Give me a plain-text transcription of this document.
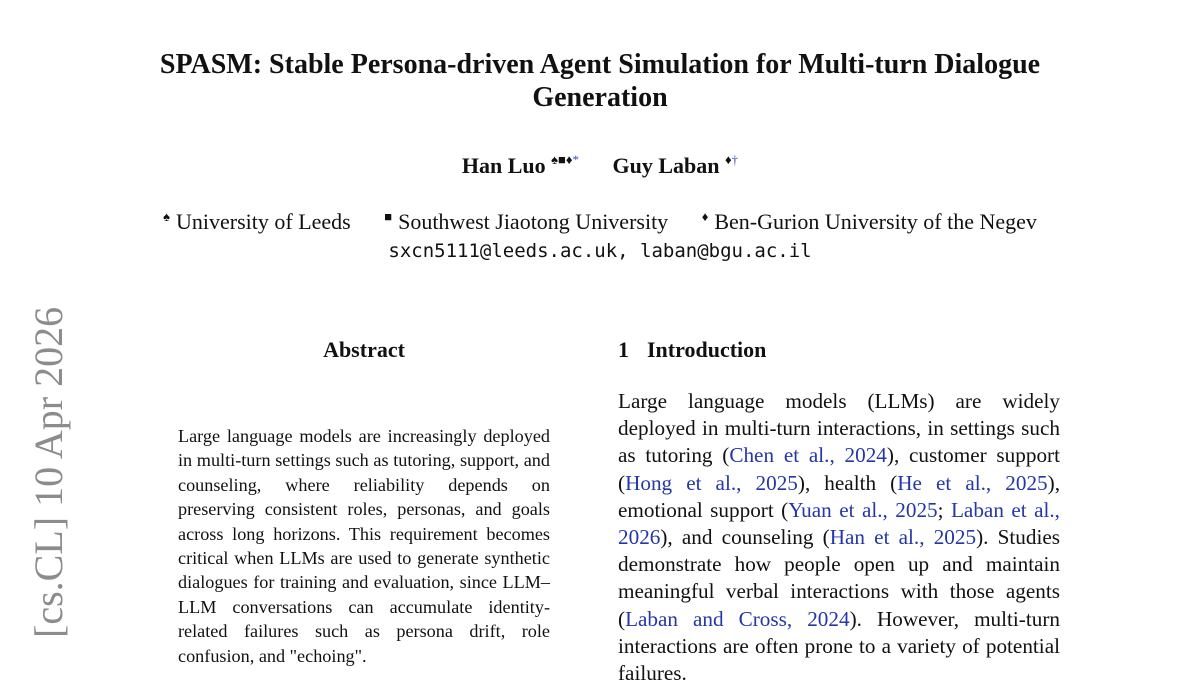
[cs.CL] 10 Apr 2026
SPASM: Stable Persona-driven Agent Simulation for Multi-turn Dialogue Generation
Han Luo ♠■♦* Guy Laban ♦†
♠ University of Leeds	■ Southwest Jiaotong University	♦ Ben-Gurion University of the Negev
sxcn5111@leeds.ac.uk, laban@bgu.ac.il
Abstract
Large language models are increasingly deployed in multi-turn settings such as tutoring, support, and counseling, where reliability depends on preserving consistent roles, personas, and goals across long horizons. This requirement becomes critical when LLMs are used to generate synthetic dialogues for training and evaluation, since LLM–LLM conversations can accumulate identity-related failures such as persona drift, role confusion, and "echoing".
1 Introduction
Large language models (LLMs) are widely deployed in multi-turn interactions, in settings such as tutoring (Chen et al., 2024), customer support (Hong et al., 2025), health (He et al., 2025), emotional support (Yuan et al., 2025; Laban et al., 2026), and counseling (Han et al., 2025). Studies demonstrate how people open up and maintain meaningful verbal interactions with those agents (Laban and Cross, 2024). However, multi-turn interactions are often prone to a variety of potential failures.
